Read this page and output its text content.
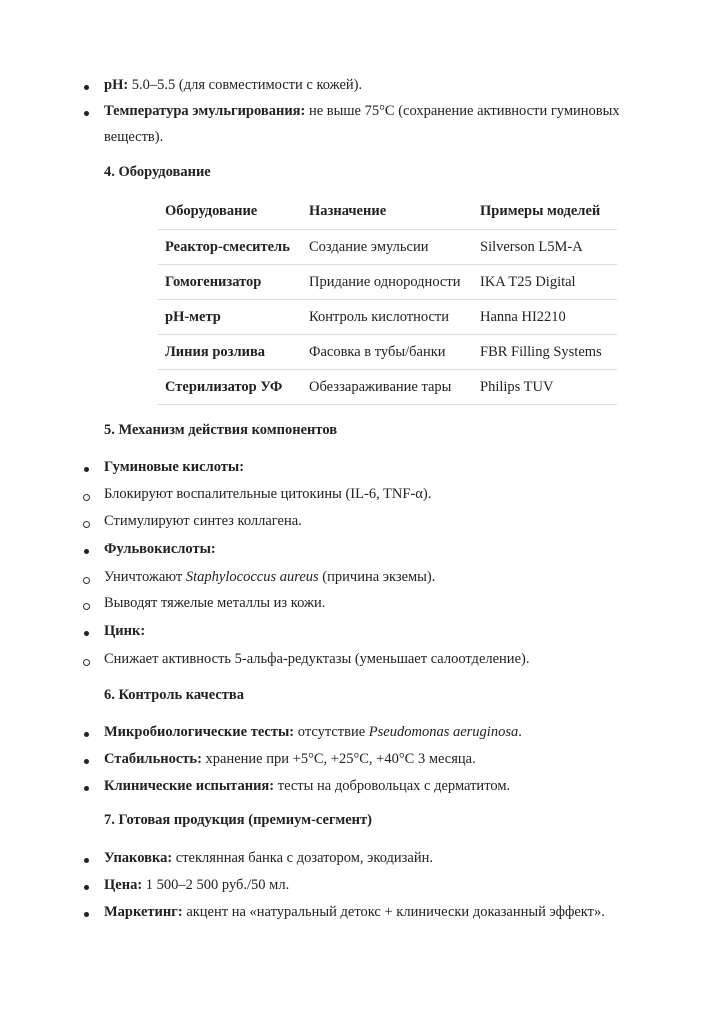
pH: 5.0–5.5 (для совместимости с кожей).
Температура эмульгирования: не выше 75°C (сохранение активности гуминовых
веществ).
4. Оборудование
Оборудование	Назначение	Примеры моделей
Реактор-смеситель	Создание эмульсии	Silverson L5M-A
Гомогенизатор	Придание однородности	IKA T25 Digital
pH-метр	Контроль кислотности	Hanna HI2210
Линия розлива	Фасовка в тубы/банки	FBR Filling Systems
Стерилизатор УФ	Обеззараживание тары	Philips TUV
5. Механизм действия компонентов
Гуминовые кислоты:
Блокируют воспалительные цитокины (IL-6, TNF-α).
Стимулируют синтез коллагена.
Фульвокислоты:
Уничтожают Staphylococcus aureus (причина экземы).
Выводят тяжелые металлы из кожи.
Цинк:
Снижает активность 5-альфа-редуктазы (уменьшает салоотделение).
6. Контроль качества
Микробиологические тесты: отсутствие Pseudomonas aeruginosa.
Стабильность: хранение при +5°C, +25°C, +40°C 3 месяца.
Клинические испытания: тесты на добровольцах с дерматитом.
7. Готовая продукция (премиум-сегмент)
Упаковка: стеклянная банка с дозатором, экодизайн.
Цена: 1 500–2 500 руб./50 мл.
Маркетинг: акцент на «натуральный детокс + клинически доказанный эффект».
